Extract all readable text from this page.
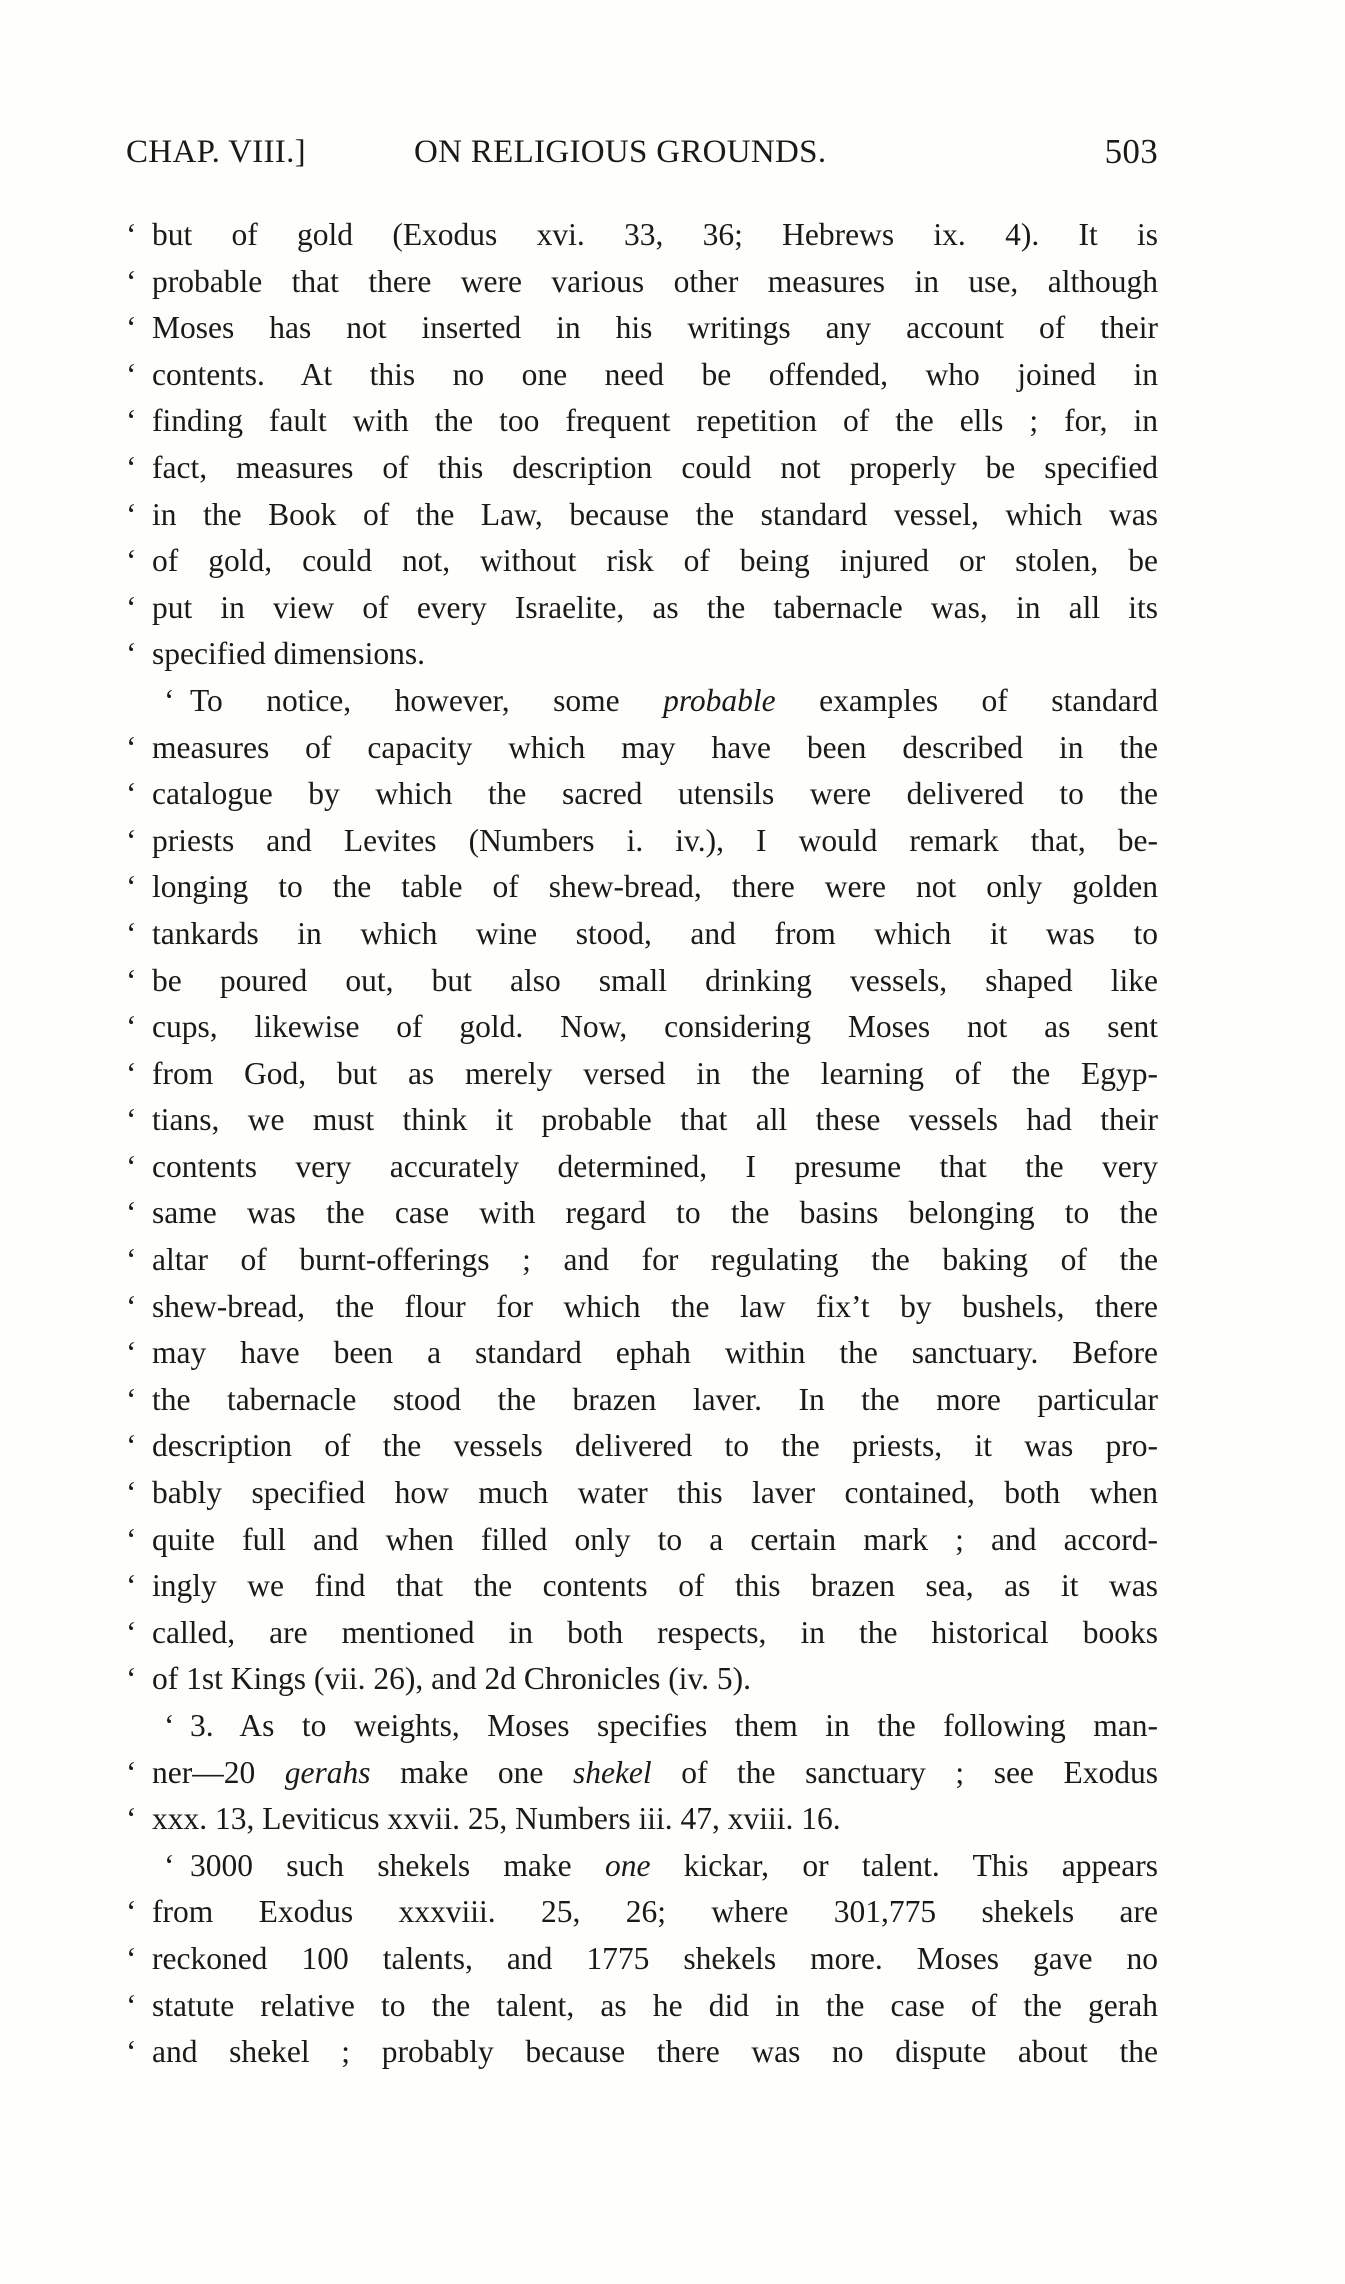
CHAP. VIII.]	ON RELIGIOUS GROUNDS.	503
‘ but of gold (Exodus xvi. 33, 36; Hebrews ix. 4). It is
‘ probable that there were various other measures in use, although
‘ Moses has not inserted in his writings any account of their
‘ contents. At this no one need be offended, who joined in
‘ finding fault with the too frequent repetition of the ells ; for, in
‘ fact, measures of this description could not properly be specified
‘ in the Book of the Law, because the standard vessel, which was
‘ of gold, could not, without risk of being injured or stolen, be
‘ put in view of every Israelite, as the tabernacle was, in all its
‘ specified dimensions.
‘ To notice, however, some probable examples of standard
‘ measures of capacity which may have been described in the
‘ catalogue by which the sacred utensils were delivered to the
‘ priests and Levites (Numbers i. iv.), I would remark that, be-
‘ longing to the table of shew-bread, there were not only golden
‘ tankards in which wine stood, and from which it was to
‘ be poured out, but also small drinking vessels, shaped like
‘ cups, likewise of gold. Now, considering Moses not as sent
‘ from God, but as merely versed in the learning of the Egyp-
‘ tians, we must think it probable that all these vessels had their
‘ contents very accurately determined, I presume that the very
‘ same was the case with regard to the basins belonging to the
‘ altar of burnt-offerings ; and for regulating the baking of the
‘ shew-bread, the flour for which the law fix’t by bushels, there
‘ may have been a standard ephah within the sanctuary. Before
‘ the tabernacle stood the brazen laver. In the more particular
‘ description of the vessels delivered to the priests, it was pro-
‘ bably specified how much water this laver contained, both when
‘ quite full and when filled only to a certain mark ; and accord-
‘ ingly we find that the contents of this brazen sea, as it was
‘ called, are mentioned in both respects, in the historical books
‘ of 1st Kings (vii. 26), and 2d Chronicles (iv. 5).
‘ 3. As to weights, Moses specifies them in the following man-
‘ ner—20 gerahs make one shekel of the sanctuary ; see Exodus
‘ xxx. 13, Leviticus xxvii. 25, Numbers iii. 47, xviii. 16.
‘ 3000 such shekels make one kickar, or talent. This appears
‘ from Exodus xxxviii. 25, 26; where 301,775 shekels are
‘ reckoned 100 talents, and 1775 shekels more. Moses gave no
‘ statute relative to the talent, as he did in the case of the gerah
‘ and shekel ; probably because there was no dispute about the
